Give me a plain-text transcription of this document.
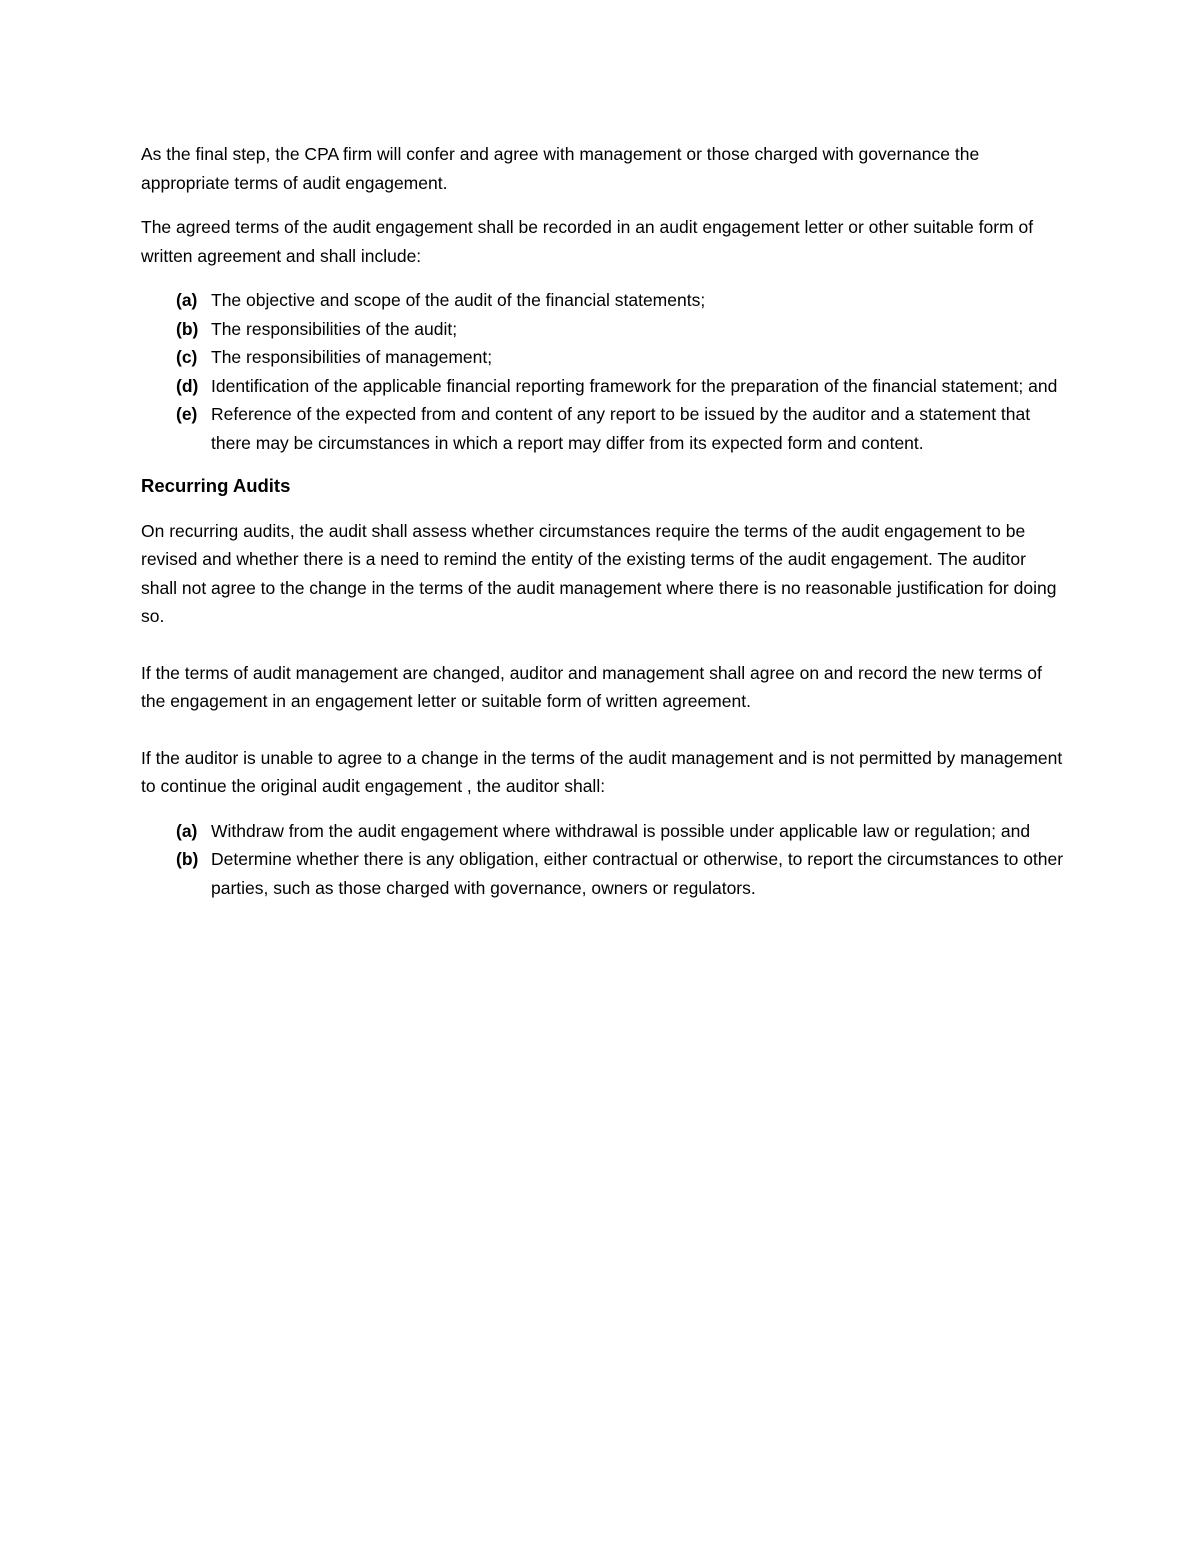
As the final step, the CPA firm will confer and agree with management or those charged with governance the appropriate terms of audit engagement.

The agreed terms of the audit engagement shall be recorded in an audit engagement letter or other suitable form of written agreement and shall include:

(a) The objective and scope of the audit of the financial statements;
(b) The responsibilities of the audit;
(c) The responsibilities of management;
(d) Identification of the applicable financial reporting framework for the preparation of the financial statement; and
(e) Reference of the expected from and content of any report to be issued by the auditor and a statement that there may be circumstances in which a report may differ from its expected form and content.

Recurring Audits

On recurring audits, the audit shall assess whether circumstances require the terms of the audit engagement to be revised and whether there is a need to remind the entity of the existing terms of the audit engagement. The auditor shall not agree to the change in the terms of the audit management where there is no reasonable justification for doing so.

If the terms of audit management are changed, auditor and management shall agree on and record the new terms of the engagement in an engagement letter or suitable form of written agreement.

If the auditor is unable to agree to a change in the terms of the audit management and is not permitted by management to continue the original audit engagement , the auditor shall:

(a) Withdraw from the audit engagement where withdrawal is possible under applicable law or regulation; and
(b) Determine whether there is any obligation, either contractual or otherwise, to report the circumstances to other parties, such as those charged with governance, owners or regulators.
